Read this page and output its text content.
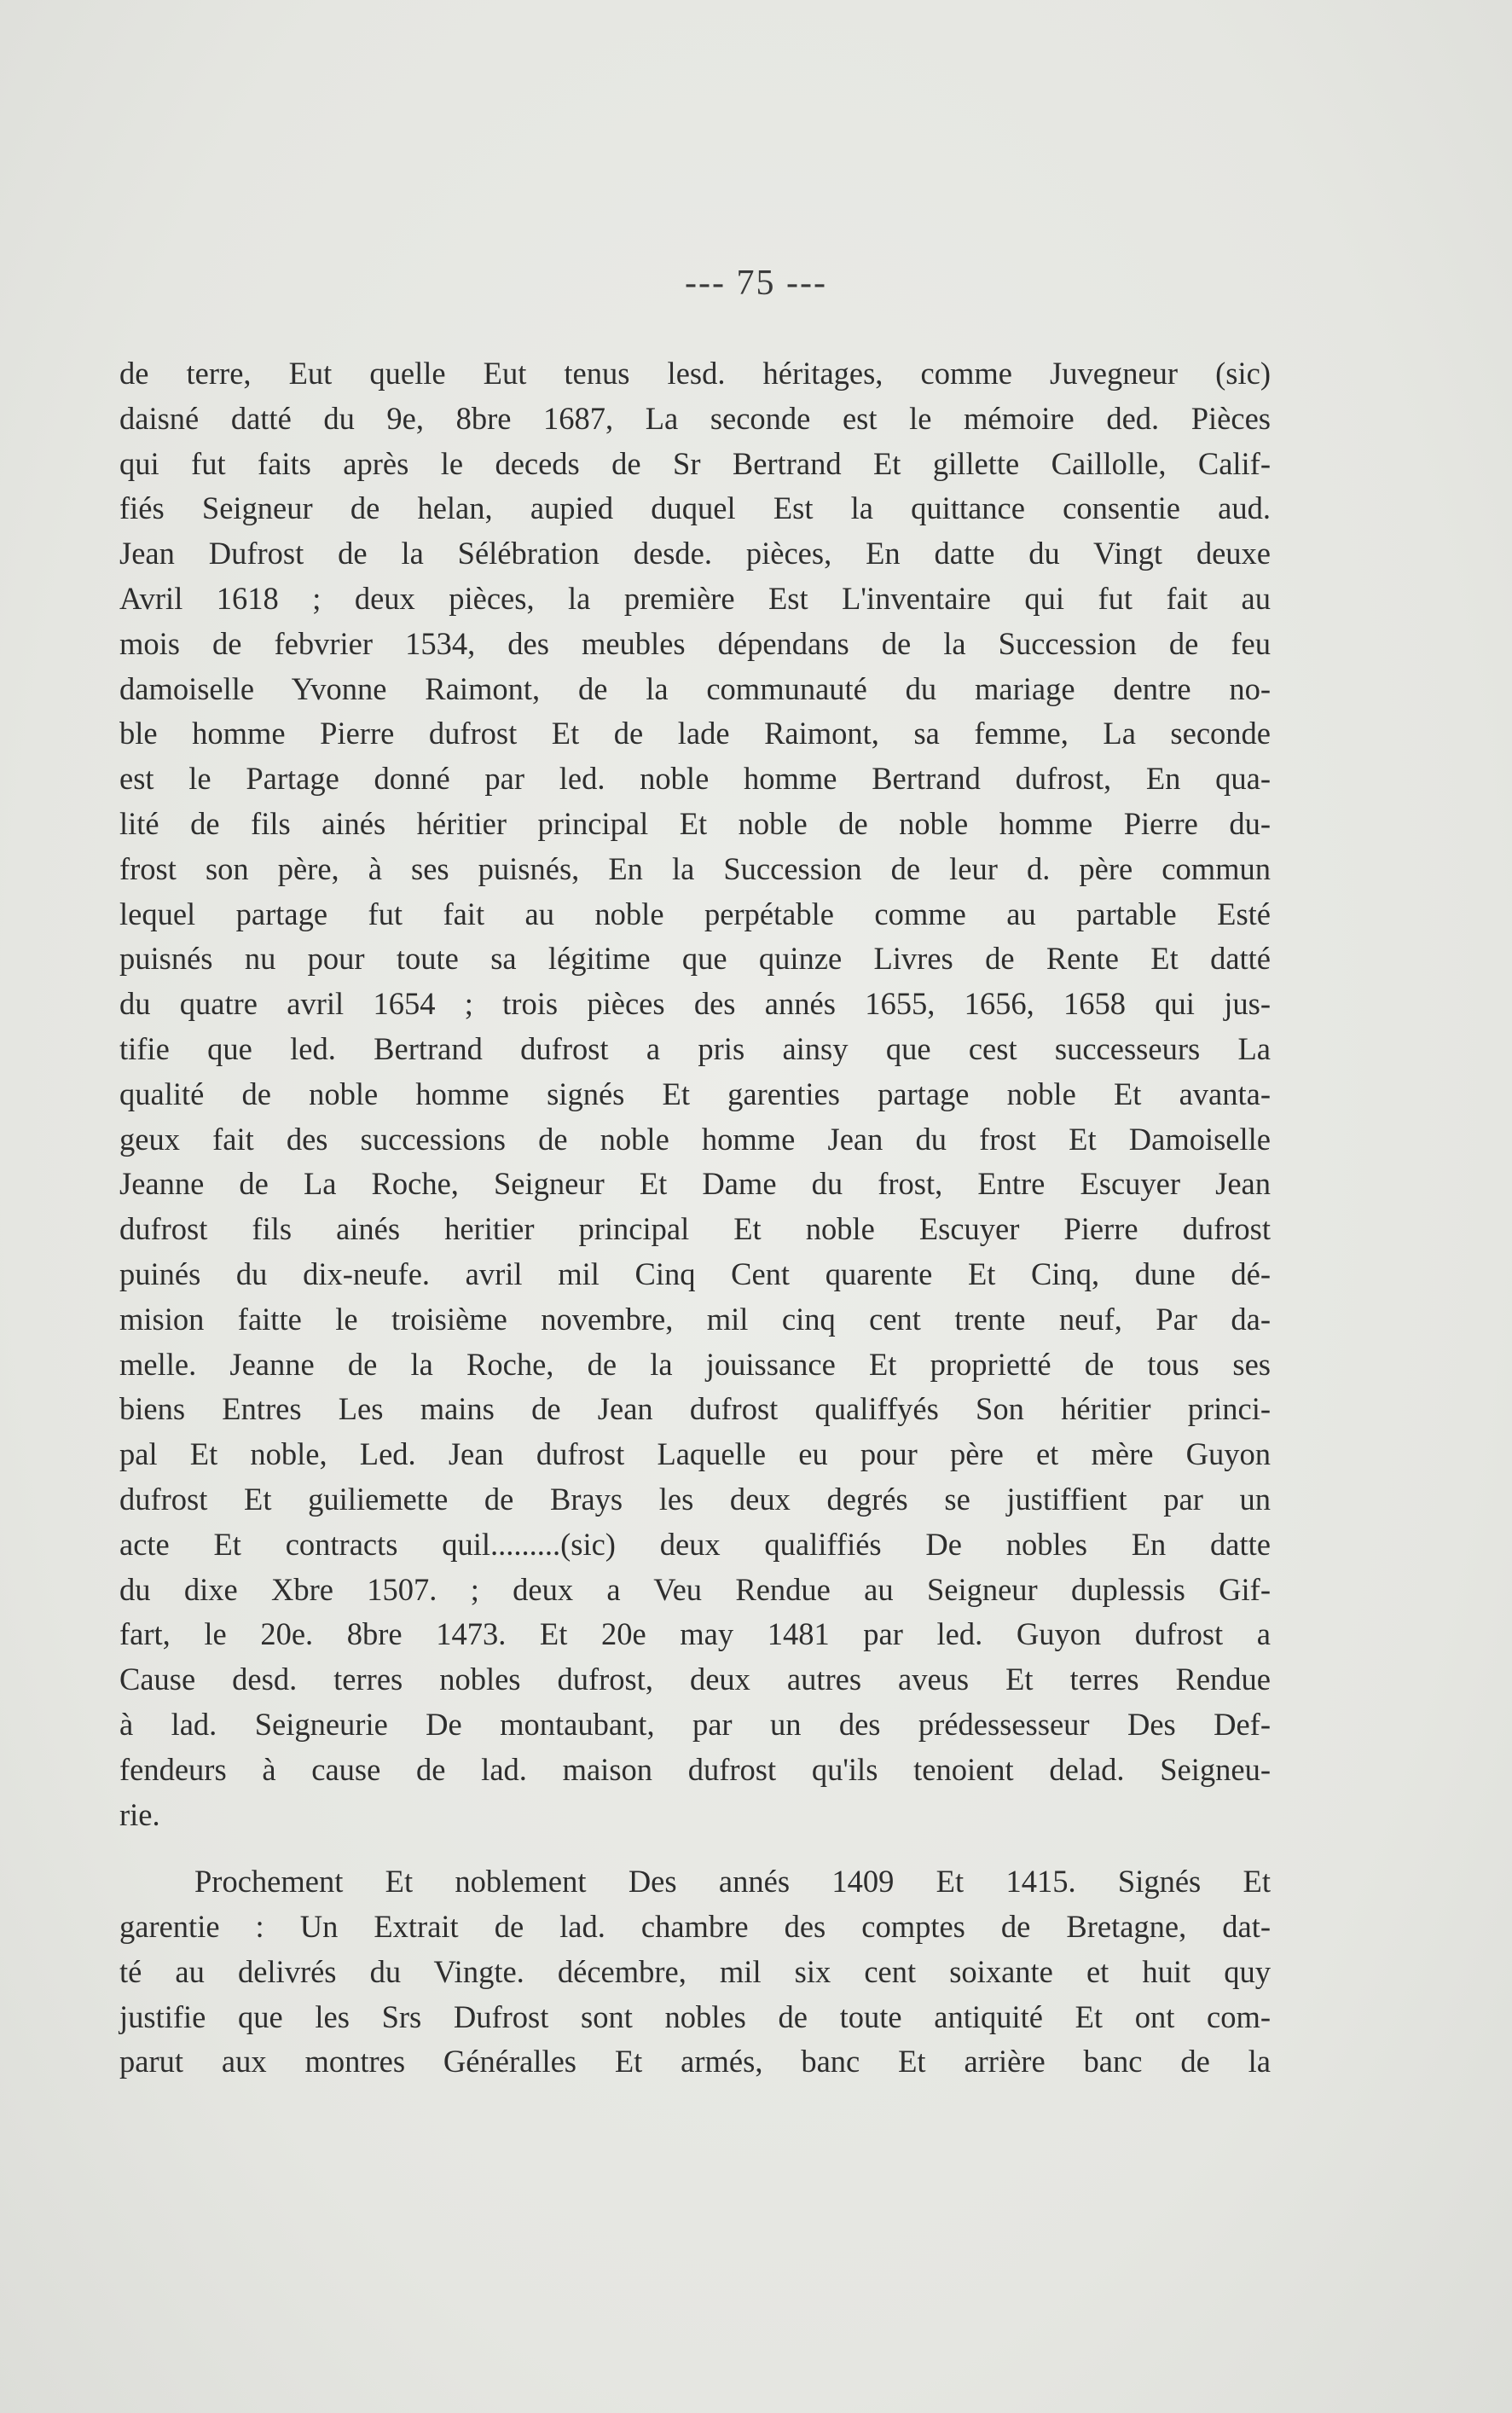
--- 75 ---
de terre, Eut quelle Eut tenus lesd. héritages, comme Juvegneur (sic)
daisné datté du 9e, 8bre 1687, La seconde est le mémoire ded. Pièces
qui fut faits après le deceds de Sr Bertrand Et gillette Caillolle, Calif-
fiés Seigneur de helan, aupied duquel Est la quittance consentie aud.
Jean Dufrost de la Sélébration desde. pièces, En datte du Vingt deuxe
Avril 1618 ; deux pièces, la première Est L'inventaire qui fut fait au
mois de febvrier 1534, des meubles dépendans de la Succession de feu
damoiselle Yvonne Raimont, de la communauté du mariage dentre no-
ble homme Pierre dufrost Et de lade Raimont, sa femme, La seconde
est le Partage donné par led. noble homme Bertrand dufrost, En qua-
lité de fils ainés héritier principal Et noble de noble homme Pierre du-
frost son père, à ses puisnés, En la Succession de leur d. père commun
lequel partage fut fait au noble perpétable comme au partable Esté
puisnés nu pour toute sa légitime que quinze Livres de Rente Et datté
du quatre avril 1654 ; trois pièces des annés 1655, 1656, 1658 qui jus-
tifie que led. Bertrand dufrost a pris ainsy que cest successeurs La
qualité de noble homme signés Et garenties partage noble Et avanta-
geux fait des successions de noble homme Jean du frost Et Damoiselle
Jeanne de La Roche, Seigneur Et Dame du frost, Entre Escuyer Jean
dufrost fils ainés heritier principal Et noble Escuyer Pierre dufrost
puinés du dix-neufe. avril mil Cinq Cent quarente Et Cinq, dune dé-
mision faitte le troisième novembre, mil cinq cent trente neuf, Par da-
melle. Jeanne de la Roche, de la jouissance Et proprietté de tous ses
biens Entres Les mains de Jean dufrost qualiffyés Son héritier princi-
pal Et noble, Led. Jean dufrost Laquelle eu pour père et mère Guyon
dufrost Et guiliemette de Brays les deux degrés se justiffient par un
acte Et contracts quil.........(sic) deux qualiffiés De nobles En datte
du dixe Xbre 1507. ; deux a Veu Rendue au Seigneur duplessis Gif-
fart, le 20e. 8bre 1473. Et 20e may 1481 par led. Guyon dufrost a
Cause desd. terres nobles dufrost, deux autres aveus Et terres Rendue
à lad. Seigneurie De montaubant, par un des prédessesseur Des Def-
fendeurs à cause de lad. maison dufrost qu'ils tenoient delad. Seigneu-
rie.
Prochement Et noblement Des annés 1409 Et 1415. Signés Et
garentie : Un Extrait de lad. chambre des comptes de Bretagne, dat-
té au delivrés du Vingte. décembre, mil six cent soixante et huit quy
justifie que les Srs Dufrost sont nobles de toute antiquité Et ont com-
parut aux montres Généralles Et armés, banc Et arrière banc de la
